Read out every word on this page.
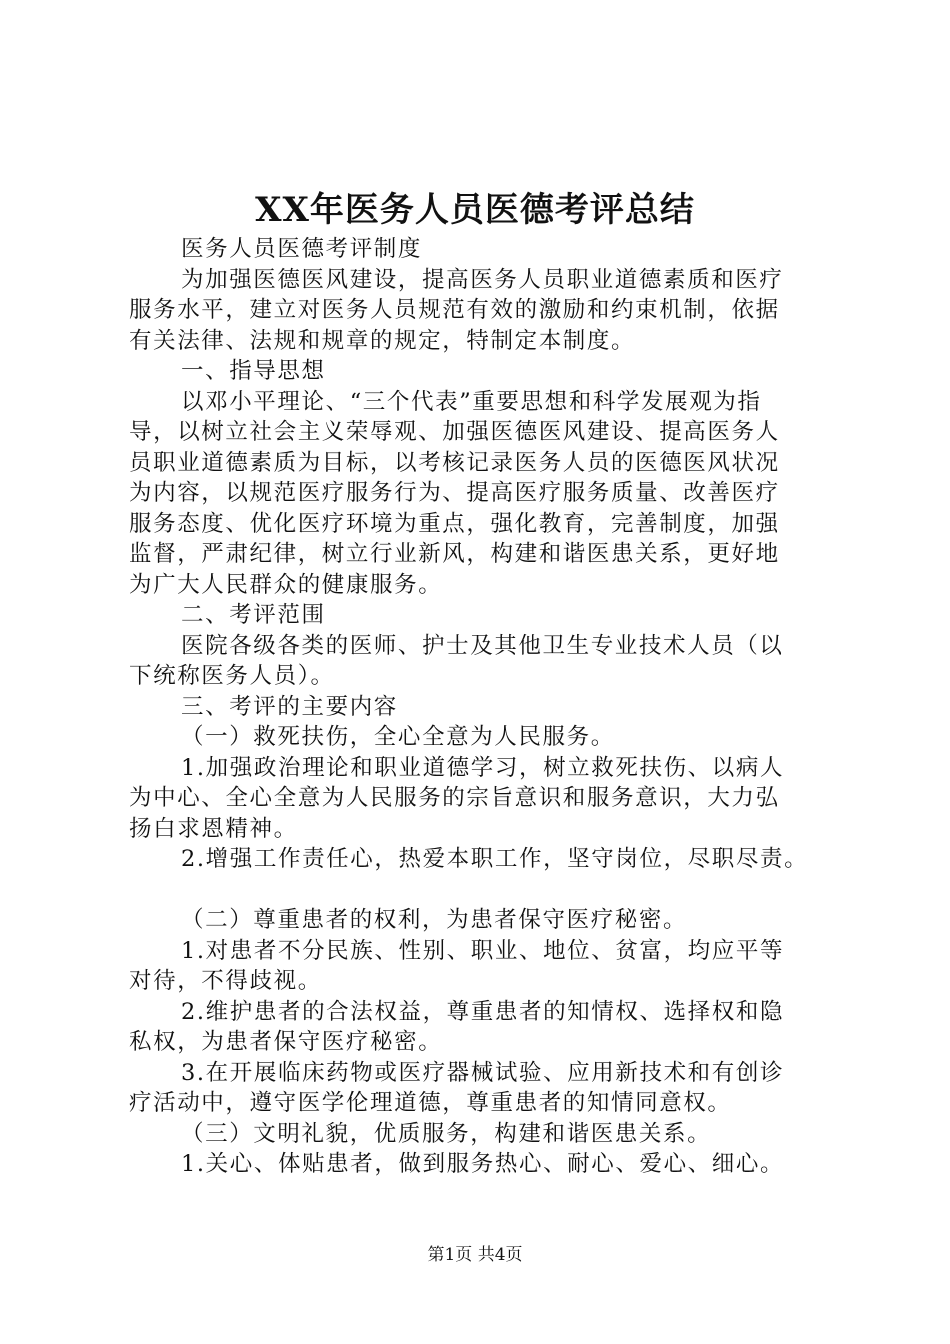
XX年医务人员医德考评总结
医务人员医德考评制度
为加强医德医风建设，提高医务人员职业道德素质和医疗
服务水平，建立对医务人员规范有效的激励和约束机制，依据
有关法律、法规和规章的规定，特制定本制度。
一、指导思想
以邓小平理论、“三个代表”重要思想和科学发展观为指
导，以树立社会主义荣辱观、加强医德医风建设、提高医务人
员职业道德素质为目标，以考核记录医务人员的医德医风状况
为内容，以规范医疗服务行为、提高医疗服务质量、改善医疗
服务态度、优化医疗环境为重点，强化教育，完善制度，加强
监督，严肃纪律，树立行业新风，构建和谐医患关系，更好地
为广大人民群众的健康服务。
二、考评范围
医院各级各类的医师、护士及其他卫生专业技术人员（以
下统称医务人员）。
三、考评的主要内容
（一）救死扶伤，全心全意为人民服务。
1.加强政治理论和职业道德学习，树立救死扶伤、以病人
为中心、全心全意为人民服务的宗旨意识和服务意识，大力弘
扬白求恩精神。
2.增强工作责任心，热爱本职工作，坚守岗位，尽职尽责。
（二）尊重患者的权利，为患者保守医疗秘密。
1.对患者不分民族、性别、职业、地位、贫富，均应平等
对待，不得歧视。
2.维护患者的合法权益，尊重患者的知情权、选择权和隐
私权，为患者保守医疗秘密。
3.在开展临床药物或医疗器械试验、应用新技术和有创诊
疗活动中，遵守医学伦理道德，尊重患者的知情同意权。
（三）文明礼貌，优质服务，构建和谐医患关系。
1.关心、体贴患者，做到服务热心、耐心、爱心、细心。
第1页 共4页
